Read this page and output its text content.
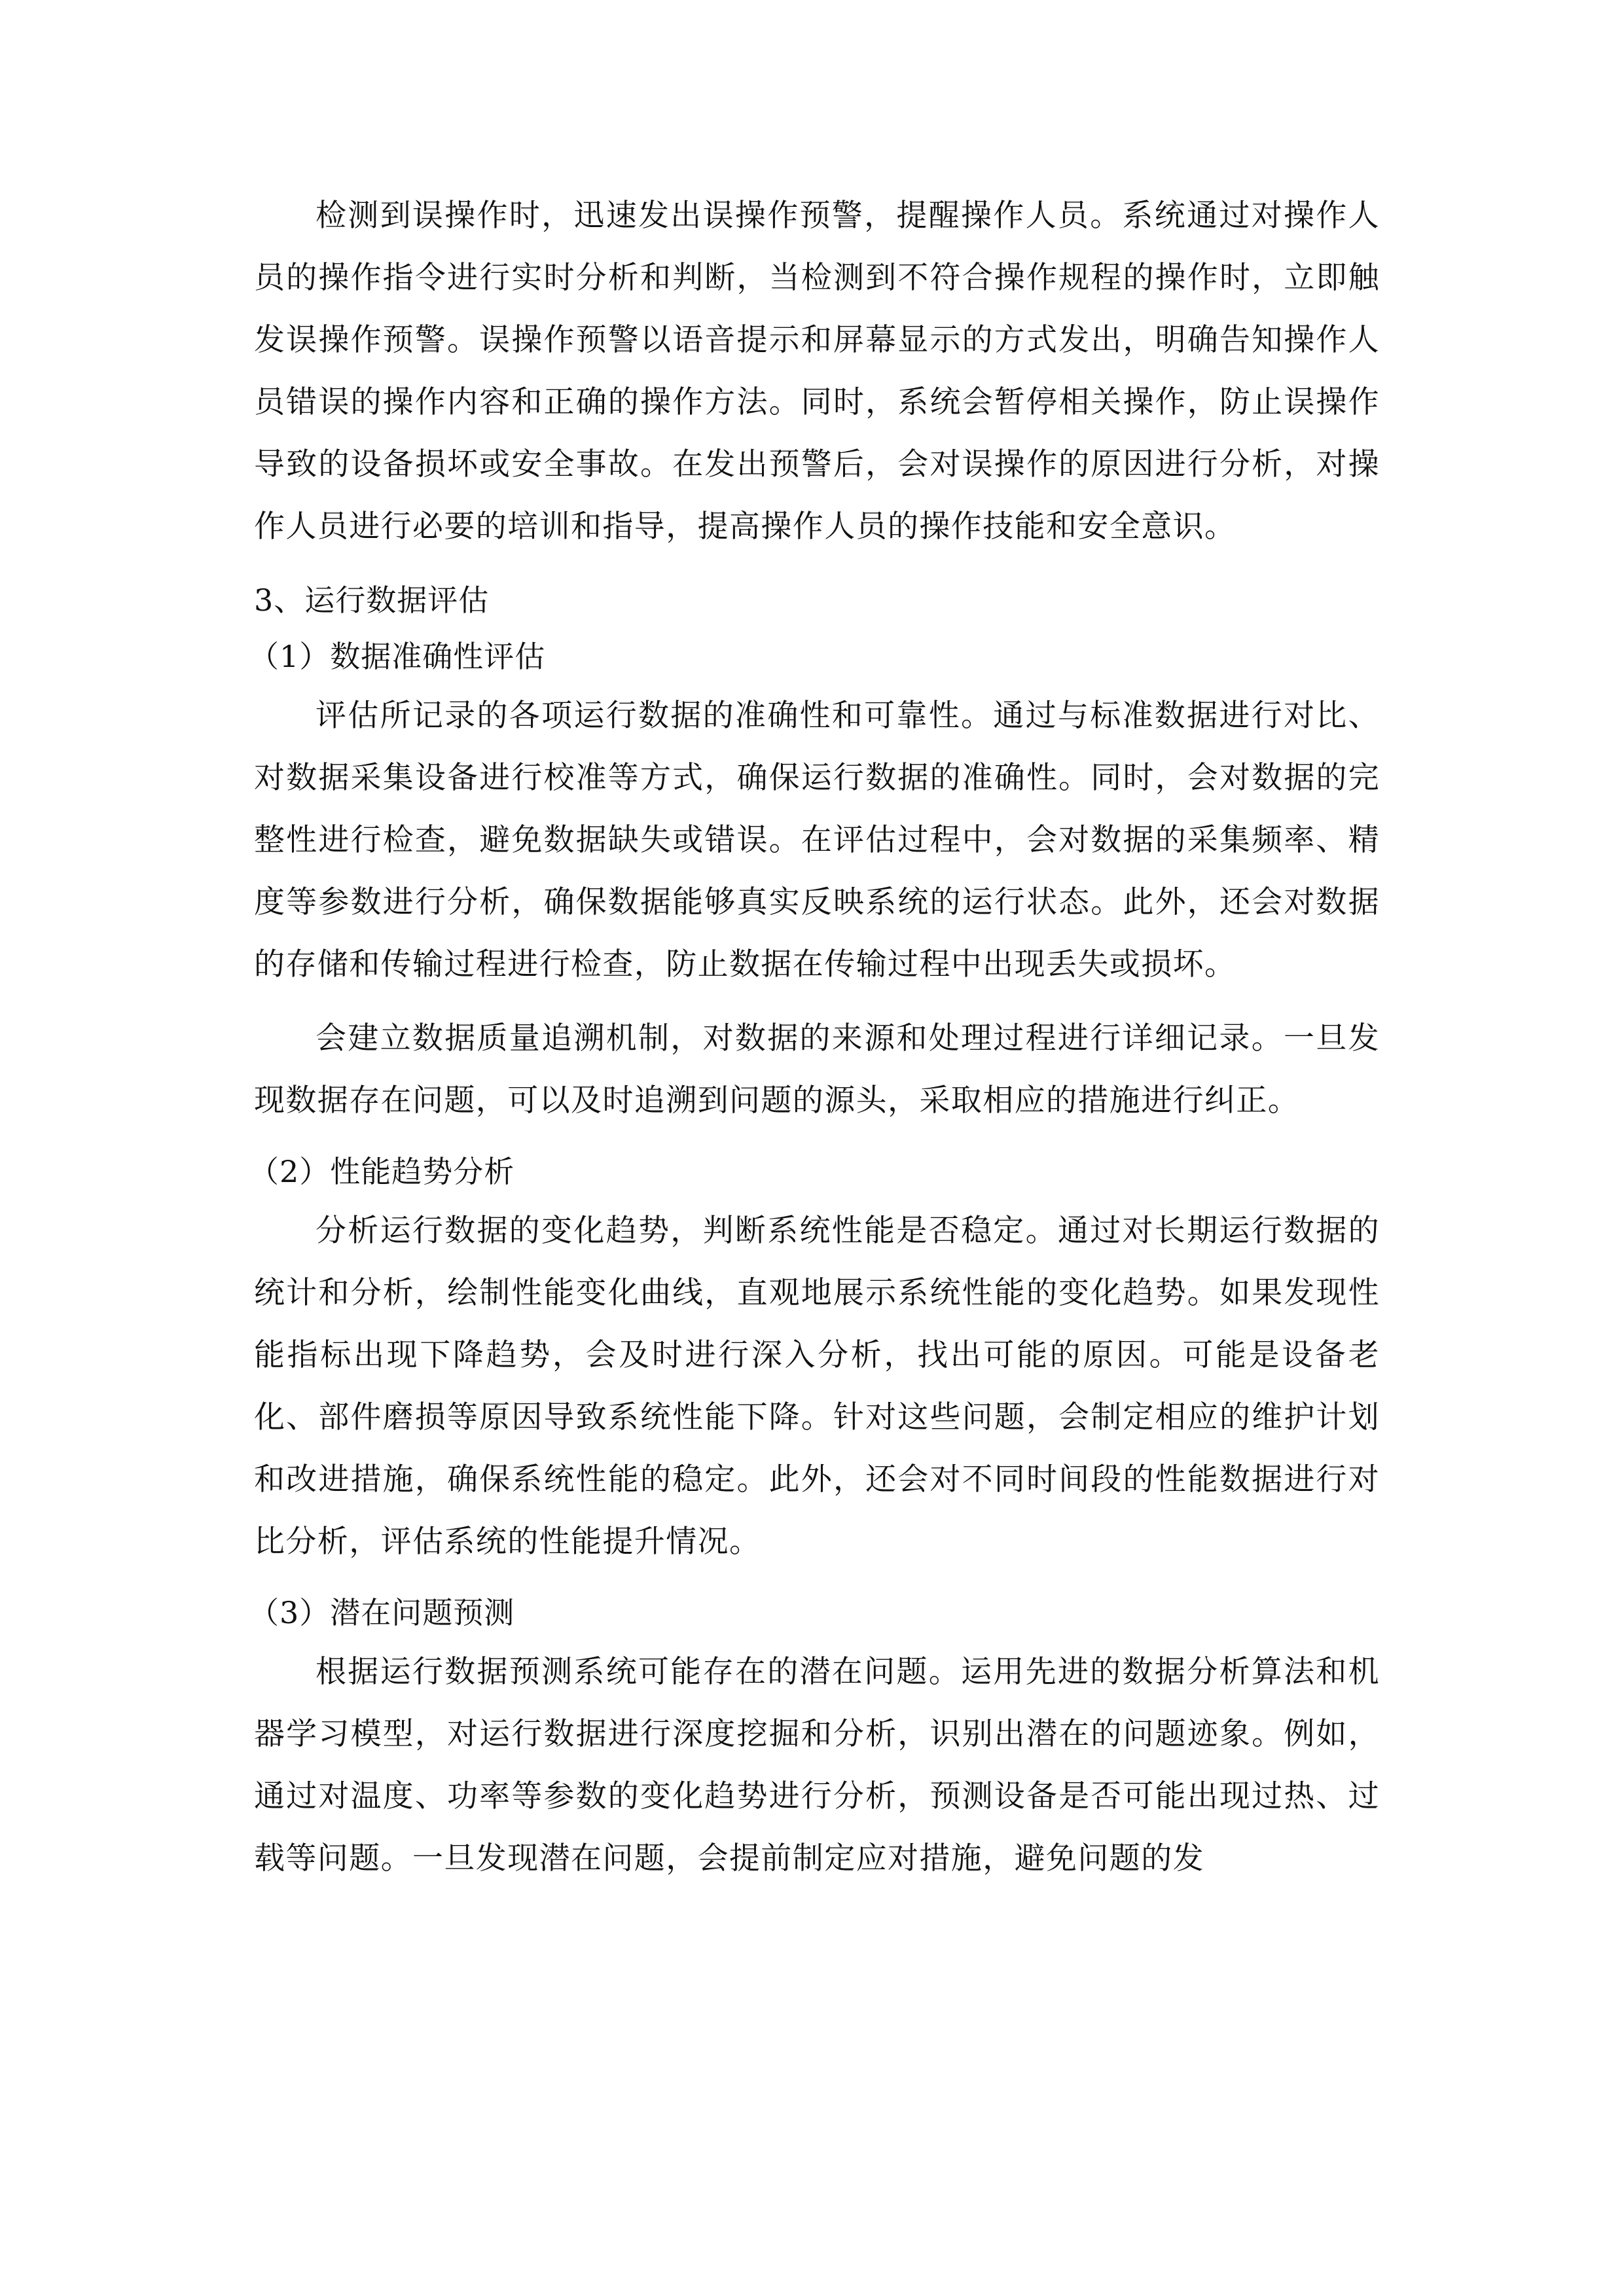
检测到误操作时，迅速发出误操作预警，提醒操作人员。系统通过对操作人员的操作指令进行实时分析和判断，当检测到不符合操作规程的操作时，立即触发误操作预警。误操作预警以语音提示和屏幕显示的方式发出，明确告知操作人员错误的操作内容和正确的操作方法。同时，系统会暂停相关操作，防止误操作导致的设备损坏或安全事故。在发出预警后，会对误操作的原因进行分析，对操作人员进行必要的培训和指导，提高操作人员的操作技能和安全意识。

3、运行数据评估

（1）数据准确性评估

评估所记录的各项运行数据的准确性和可靠性。通过与标准数据进行对比、对数据采集设备进行校准等方式，确保运行数据的准确性。同时，会对数据的完整性进行检查，避免数据缺失或错误。在评估过程中，会对数据的采集频率、精度等参数进行分析，确保数据能够真实反映系统的运行状态。此外，还会对数据的存储和传输过程进行检查，防止数据在传输过程中出现丢失或损坏。

会建立数据质量追溯机制，对数据的来源和处理过程进行详细记录。一旦发现数据存在问题，可以及时追溯到问题的源头，采取相应的措施进行纠正。

（2）性能趋势分析

分析运行数据的变化趋势，判断系统性能是否稳定。通过对长期运行数据的统计和分析，绘制性能变化曲线，直观地展示系统性能的变化趋势。如果发现性能指标出现下降趋势，会及时进行深入分析，找出可能的原因。可能是设备老化、部件磨损等原因导致系统性能下降。针对这些问题，会制定相应的维护计划和改进措施，确保系统性能的稳定。此外，还会对不同时间段的性能数据进行对比分析，评估系统的性能提升情况。

（3）潜在问题预测

根据运行数据预测系统可能存在的潜在问题。运用先进的数据分析算法和机器学习模型，对运行数据进行深度挖掘和分析，识别出潜在的问题迹象。例如，通过对温度、功率等参数的变化趋势进行分析，预测设备是否可能出现过热、过载等问题。一旦发现潜在问题，会提前制定应对措施，避免问题的发
